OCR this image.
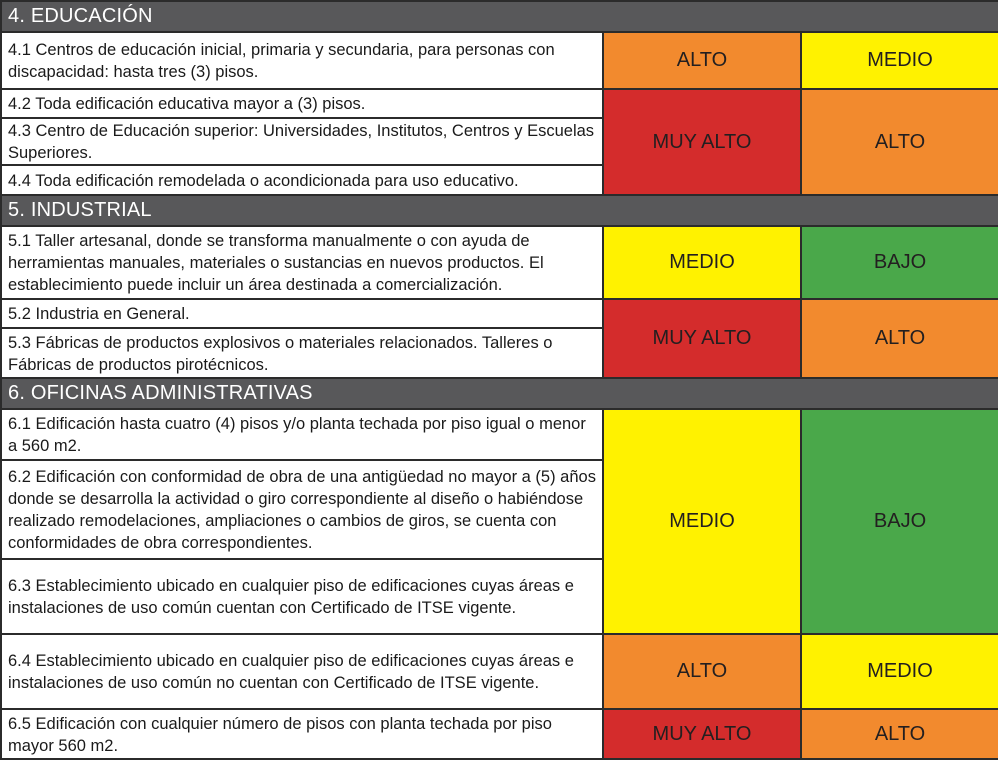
4. EDUCACIÓN		
4.1 Centros de educación inicial, primaria y secundaria, para personas con discapacidad: hasta tres (3) pisos.	ALTO	MEDIO
4.2 Toda edificación educativa mayor a (3) pisos.	MUY ALTO	ALTO
4.3 Centro de Educación superior: Universidades, Institutos, Centros y Escuelas Superiores.		
4.4 Toda edificación remodelada o acondicionada para uso educativo.		
5. INDUSTRIAL		
5.1 Taller artesanal, donde se transforma manualmente o con ayuda de herramientas manuales, materiales o sustancias en nuevos productos. El establecimiento puede incluir un área destinada a comercialización.	MEDIO	BAJO
5.2 Industria en General.	MUY ALTO	ALTO
5.3 Fábricas de productos explosivos o materiales relacionados. Talleres o Fábricas de productos pirotécnicos.		
6. OFICINAS ADMINISTRATIVAS		
6.1 Edificación hasta cuatro (4) pisos y/o planta techada por piso igual o menor a 560 m2.	MEDIO	BAJO
6.2 Edificación con conformidad de obra de una antigüedad no mayor a (5) años donde se desarrolla la actividad o giro correspondiente al diseño o habiéndose realizado remodelaciones, ampliaciones o cambios de giros, se cuenta con conformidades de obra correspondientes.		
6.3 Establecimiento ubicado en cualquier piso de edificaciones cuyas áreas e instalaciones de uso común cuentan con Certificado de ITSE vigente.		
6.4 Establecimiento ubicado en cualquier piso de edificaciones cuyas áreas e instalaciones de uso común no cuentan con Certificado de ITSE vigente.	ALTO	MEDIO
6.5 Edificación con cualquier número de pisos con planta techada por piso mayor 560 m2.	MUY ALTO	ALTO
